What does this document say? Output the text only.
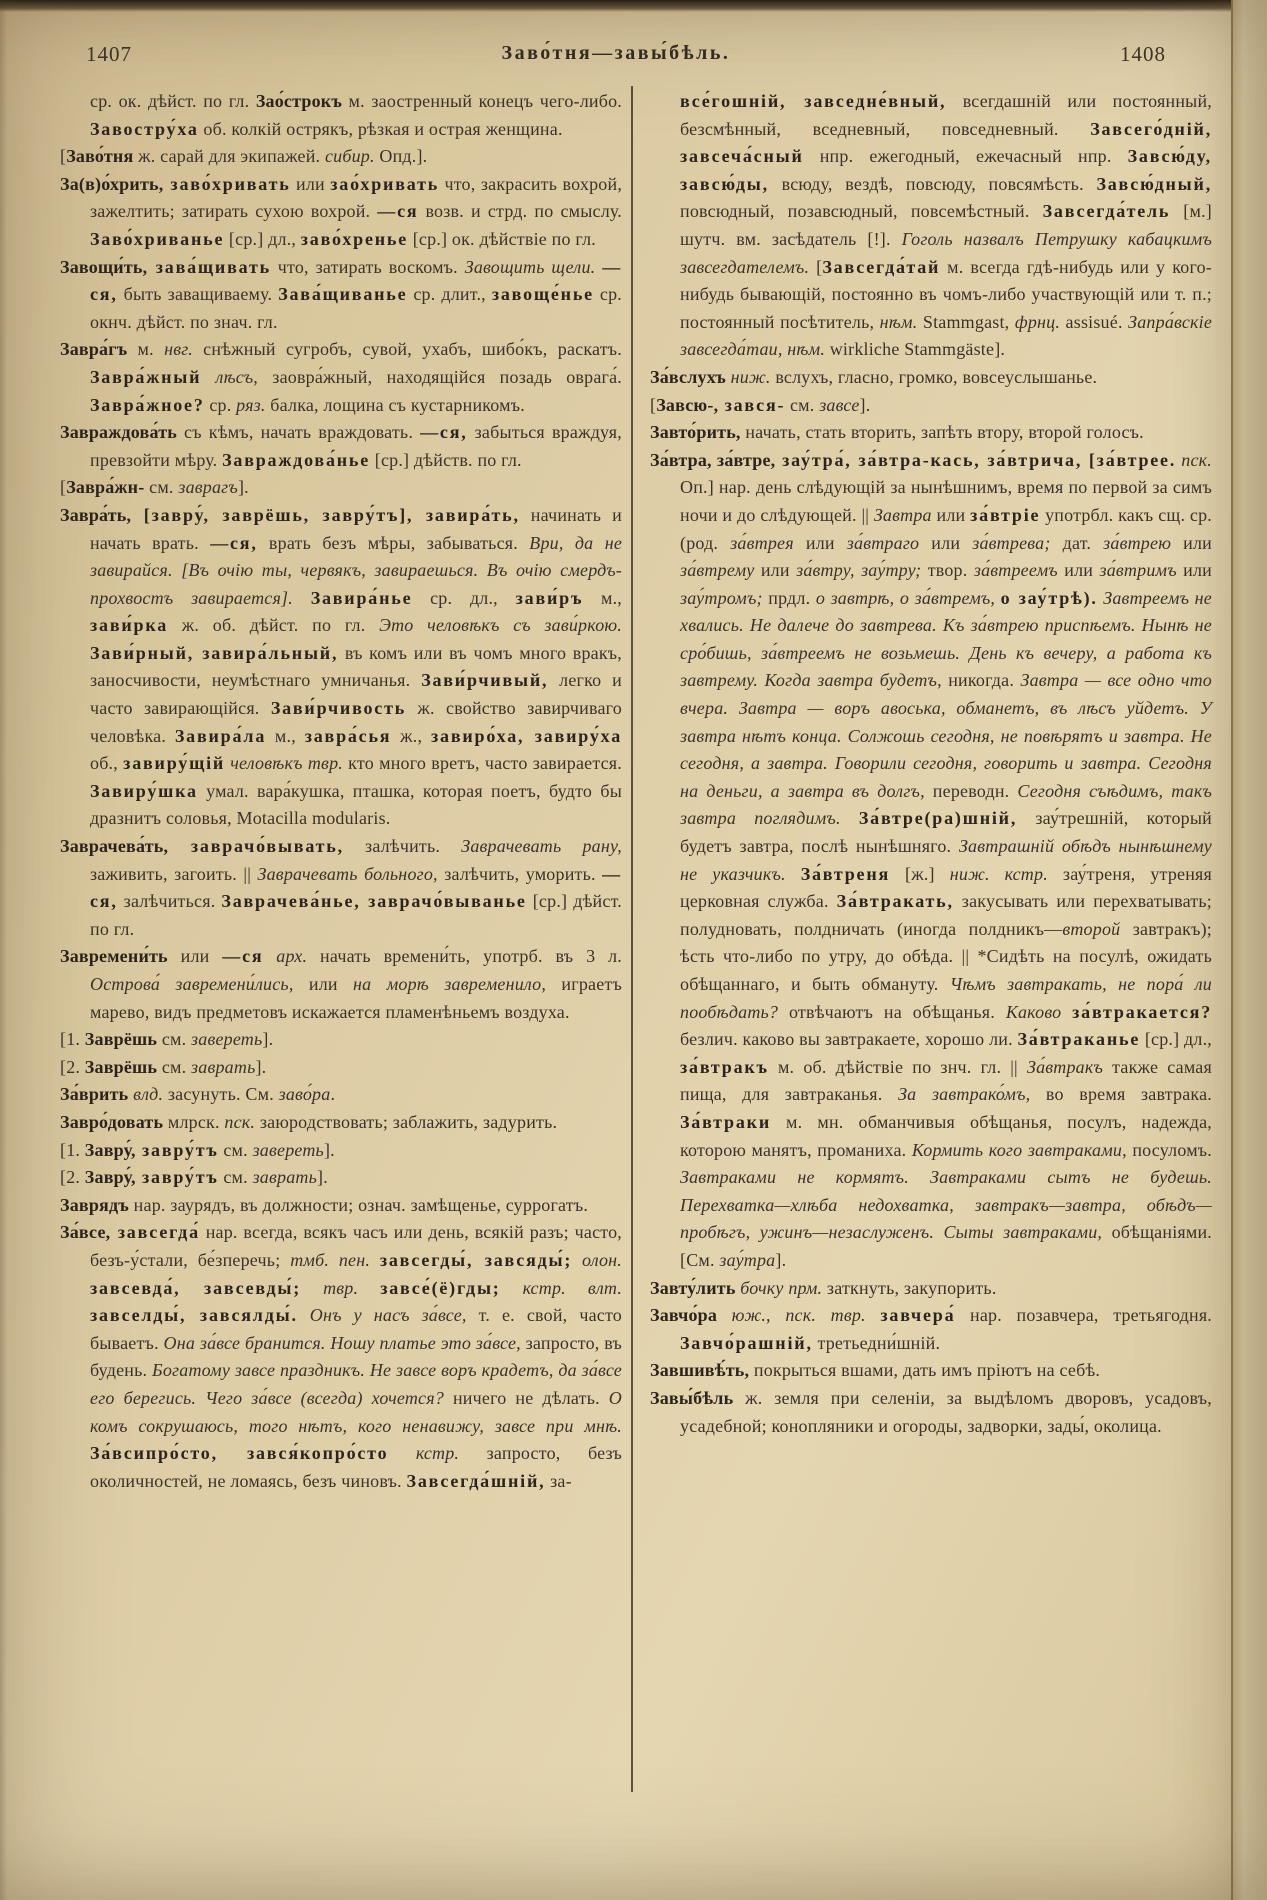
1407	Заво́тня—завы́бѣль.	1408

ср. ок. дѣйст. по гл. Зао́строкъ м. заостренный конецъ чего-либо. Завостру́ха об. колкій острякъ, рѣзкая и острая женщина.

[Заво́тня ж. сарай для экипажей. сибир. Опд.].

За(в)о́хрить, заво́хривать или зао́хривать что, закрасить вохрой, зажелтить; затирать сухою вохрой. —ся возв. и стрд. по смыслу. Заво́хриванье [ср.] дл., заво́хренье [ср.] ок. дѣйствіе по гл.

Завощи́ть, зава́щивать что, затирать воскомъ. Завощить щели. —ся, быть заващиваему. Зава́щиванье ср. длит., завоще́нье ср. окнч. дѣйст. по знач. гл.

Завра́гъ м. нвг. снѣжный сугробъ, сувой, ухабъ, шибо́къ, раскатъ. Завра́жный лѣсъ, заовра́жный, находящійся позадь оврага́. Завра́жное? ср. ряз. балка, лощина съ кустарникомъ.

Завраждова́ть съ кѣмъ, начать враждовать. —ся, забыться враждуя, превзойти мѣру. Завраждова́нье [ср.] дѣйств. по гл.

[Завра́жн- см. заврагъ].

Завра́ть, [завру́, заврёшь, завру́тъ], завира́ть, начинать и начать врать. —ся, врать безъ мѣры, забываться. Ври, да не завирайся. [Въ очію ты, червякъ, завираешься. Въ очію смердъ-прохвостъ завирается]. Завира́нье ср. дл., зави́ръ м., зави́рка ж. об. дѣйст. по гл. Это человѣкъ съ зави́ркою. Зави́рный, завира́льный, въ комъ или въ чомъ много вракъ, заносчивости, неумѣстнаго умничанья. Зави́рчивый, легко и часто завирающійся. Зави́рчивость ж. свойство завирчиваго человѣка. Завира́ла м., завра́сья ж., завиро́ха, завиру́ха об., завиру́щій человѣкъ твр. кто много вретъ, часто завирается. Завиру́шка умал. вара́кушка, пташка, которая поетъ, будто бы дразнитъ соловья, Motacilla modularis.

Заврачева́ть, заврачо́вывать, залѣчить. Заврачевать рану, заживить, загоить. || Заврачевать больного, залѣчить, уморить. —ся, залѣчиться. Заврачева́нье, заврачо́выванье [ср.] дѣйст. по гл.

Завремени́ть или —ся арх. начать времени́ть, употрб. въ 3 л. Острова́ завремени́лись, или на морѣ завременило, играетъ марево, видъ предметовъ искажается пламенѣньемъ воздуха.

[1. Заврёшь см. завереть].

[2. Заврёшь см. заврать].

За́врить влд. засунуть. См. заво́ра.

Завро́довать млрск. пск. заюродствовать; заблажить, задурить.

[1. Завру́, завру́тъ см. завереть].

[2. Завру́, завру́тъ см. заврать].

Заврядъ нар. заурядъ, въ должности; означ. замѣщенье, суррогатъ.

За́все, завсегда́ нар. всегда, всякъ часъ или день, всякій разъ; часто, безъ-у́стали, бе́зперечь; тмб. пен. завсегды́, завсяды́; олон. завсевда́, завсевды́; твр. завсе́(ё)гды; кстр. влт. завселды́, завсялды́. Онъ у насъ за́все, т. е. свой, часто бываетъ. Она за́все бранится. Ношу платье это за́все, запросто, въ будень. Богатому завсе праздникъ. Не завсе воръ крадетъ, да за́все его берегись. Чего за́все (всегда) хочется? ничего не дѣлать. О комъ сокрушаюсь, того нѣтъ, кого ненавижу, завсе при мнѣ. За́всипро́сто, зався́копро́сто кстр. запросто, безъ околичностей, не ломаясь, безъ чиновъ. Завсегда́шній, за-

все́гошній, завседне́вный, всегдашній или постоянный, безсмѣнный, вседневный, повседневный. Завсего́дній, завсеча́сный нпр. ежегодный, ежечасный нпр. Завсю́ду, завсю́ды, всюду, вездѣ, повсюду, повсямѣсть. Завсю́дный, повсюдный, позавсюдный, повсемѣстный. Завсегда́тель [м.] шутч. вм. засѣдатель [!]. Гоголь назвалъ Петрушку кабацкимъ завсегдателемъ. [Завсегда́тай м. всегда гдѣ-нибудь или у кого-нибудь бывающій, постоянно въ чомъ-либо участвующій или т. п.; постоянный посѣтитель, нѣм. Stammgast, фрнц. assisué. Запра́вскіе завсегда́таи, нѣм. wirkliche Stammgäste].

За́вслухъ ниж. вслухъ, гласно, громко, вовсеуслышанье.

[Завсю-, зався- см. завсе].

Завто́рить, начать, стать вторить, запѣть втору, второй голосъ.

За́втра, за́втре, зау́тра́, за́втра-кась, за́втрича, [за́втрее. пск. Оп.] нар. день слѣдующій за нынѣшнимъ, время по первой за симъ ночи и до слѣдующей. || Завтра или за́втріе употрбл. какъ сщ. ср. (род. за́втрея или за́втраго или за́втрева; дат. за́втрею или за́втрему или за́втру, зау́тру; твор. за́втреемъ или за́втримъ или зау́тромъ; прдл. о завтрѣ, о за́втремъ, о зау́трѣ). Завтреемъ не хвались. Не далече до завтрева. Къ за́втрею приспѣемъ. Нынѣ не сро́бишь, за́втреемъ не возьмешь. День къ вечеру, а работа къ завтрему. Когда завтра будетъ, никогда. Завтра — все одно что вчера. Завтра — воръ авоська, обманетъ, въ лѣсъ уйдетъ. У завтра нѣтъ конца. Солжошь сегодня, не повѣрятъ и завтра. Не сегодня, а завтра. Говорили сегодня, говорить и завтра. Сегодня на деньги, а завтра въ долгъ, переводн. Сегодня съѣдимъ, такъ завтра поглядимъ. За́втре(ра)шній, зау́трешній, который будетъ завтра, послѣ нынѣшняго. Завтрашній обѣдъ нынѣшнему не указчикъ. За́втреня [ж.] ниж. кстр. зау́треня, утреняя церковная служба. За́втракать, закусывать или перехватывать; полудновать, полдничать (иногда полдникъ—второй завтракъ); ѣсть что-либо по утру, до обѣда. || *Сидѣть на посулѣ, ожидать обѣщаннаго, и быть обмануту. Чѣмъ завтракать, не пора́ ли пообѣдать? отвѣчаютъ на обѣщанья. Каково за́втракается? безлич. каково вы завтракаете, хорошо ли. За́втраканье [ср.] дл., за́втракъ м. об. дѣйствіе по знч. гл. || За́втракъ также самая пища, для завтраканья. За завтрако́мъ, во время завтрака. За́втраки м. мн. обманчивыя обѣщанья, посулъ, надежда, которою манятъ, проманиха. Кормить кого завтраками, посуломъ. Завтраками не кормятъ. Завтраками сытъ не будешь. Перехватка—хлѣба недохватка, завтракъ—завтра, обѣдъ—пробѣгъ, ужинъ—незаслуженъ. Сыты завтраками, обѣщаніями. [См. зау́тра].

Завту́лить бочку прм. заткнуть, закупорить.

Завчо́ра юж., пск. твр. завчера́ нар. позавчера, третьягодня. Завчо́рашній, третьедни́шній.

Завшивѣ́ть, покрыться вшами, дать имъ пріютъ на себѣ.

Завы́бѣль ж. земля при селеніи, за выдѣломъ дворовъ, усадовъ, усадебной; конопляники и огороды, задворки, зады́, околица.
